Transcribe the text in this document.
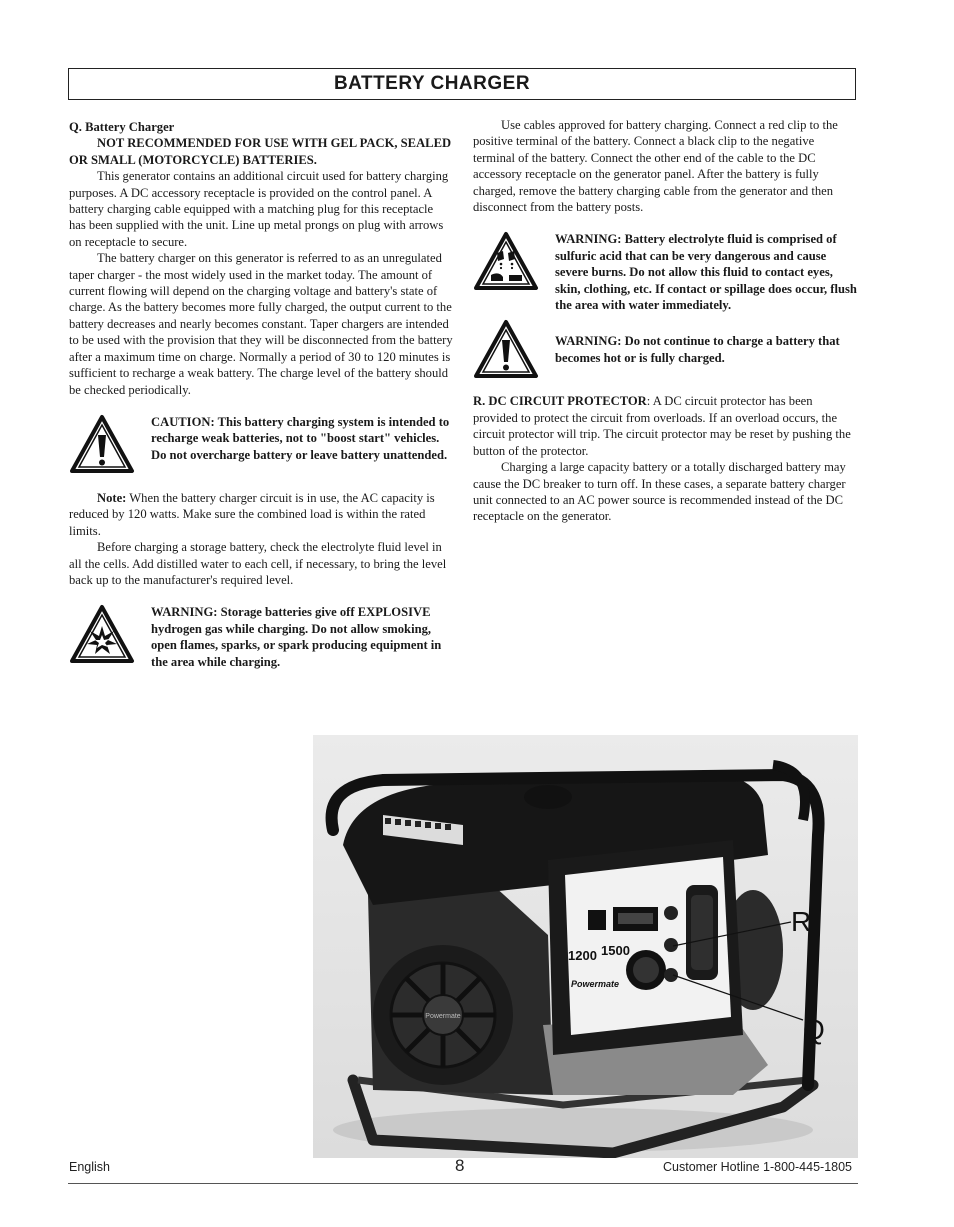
BATTERY CHARGER

Q. Battery Charger

NOT RECOMMENDED FOR USE WITH GEL PACK, SEALED OR SMALL (MOTORCYCLE) BATTERIES.

This generator contains an additional circuit used for battery charging purposes. A DC accessory receptacle is provided on the control panel. A battery charging cable equipped with a matching plug for this receptacle has been supplied with the unit. Line up metal prongs on plug with arrows on receptacle to secure.

The battery charger on this generator is referred to as an unregulated taper charger - the most widely used in the market today. The amount of current flowing will depend on the charging voltage and battery's state of charge. As the battery becomes more fully charged, the output current to the battery decreases and nearly becomes constant. Taper chargers are intended to be used with the provision that they will be disconnected from the battery after a maximum time on charge. Normally a period of 30 to 120 minutes is sufficient to recharge a weak battery. The charge level of the battery should be checked periodically.

CAUTION: This battery charging system is intended to recharge weak batteries, not to "boost start" vehicles. Do not overcharge battery or leave battery unattended.

Note: When the battery charger circuit is in use, the AC capacity is reduced by 120 watts. Make sure the combined load is within the rated limits.

Before charging a storage battery, check the electrolyte fluid level in all the cells. Add distilled water to each cell, if necessary, to bring the level back up to the manufacturer's required level.

WARNING: Storage batteries give off EXPLOSIVE hydrogen gas while charging. Do not allow smoking, open flames, sparks, or spark producing equipment in the area while charging.

Use cables approved for battery charging. Connect a red clip to the positive terminal of the battery. Connect a black clip to the negative terminal of the battery. Connect the other end of the cable to the DC accessory receptacle on the generator panel. After the battery is fully charged, remove the battery charging cable from the generator and then disconnect from the battery posts.

WARNING: Battery electrolyte fluid is comprised of sulfuric acid that can be very dangerous and cause severe burns. Do not allow this fluid to contact eyes, skin, clothing, etc. If contact or spillage does occur, flush the area with water immediately.
WARNING: Do not continue to charge a battery that becomes hot or is fully charged.

R. DC CIRCUIT PROTECTOR: A DC circuit protector has been provided to protect the circuit from overloads. If an overload occurs, the circuit protector will trip. The circuit protector may be reset by pushing the button of the protector.

Charging a large capacity battery or a totally discharged battery may cause the DC breaker to turn off. In these cases, a separate battery charger unit connected to an AC power source is recommended instead of the DC receptacle on the generator.

Powermate
1200 1500
Powermate
R
Q
English	8	Customer Hotline 1-800-445-1805
